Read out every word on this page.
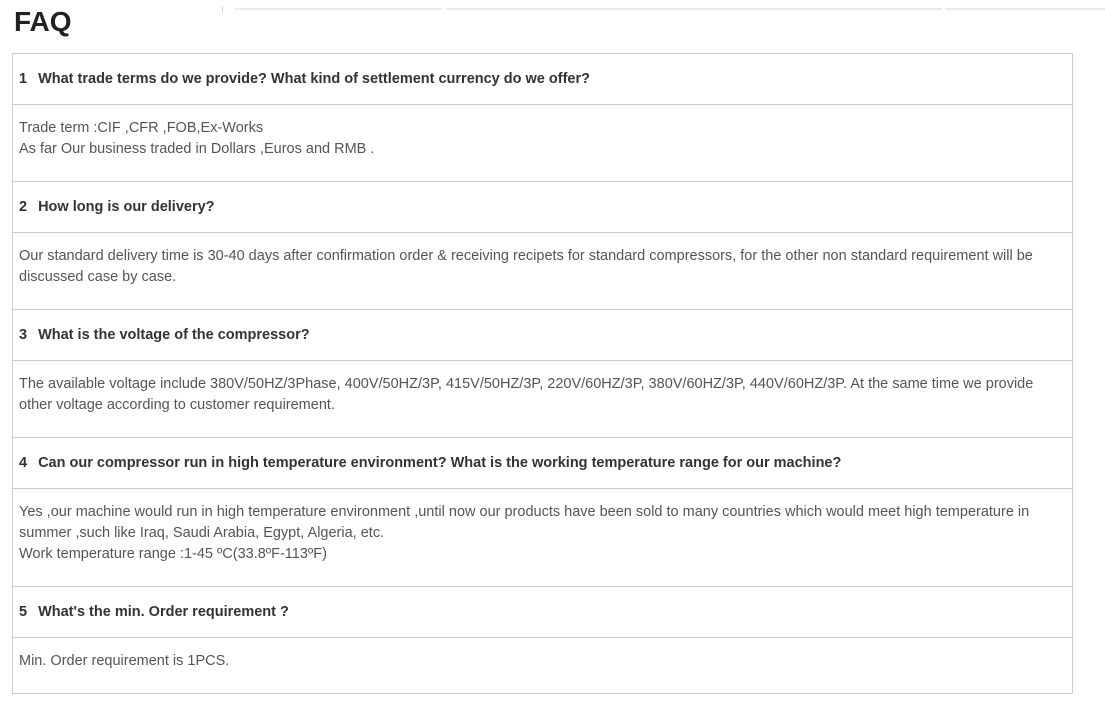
FAQ
1 What trade terms do we provide? What kind of settlement currency do we offer?

Trade term :CIF ,CFR ,FOB,Ex-Works

As far Our business traded in Dollars ,Euros and RMB .

2 How long is our delivery?

Our standard delivery time is 30-40 days after confirmation order & receiving recipets for standard compressors, for the other non standard requirement will be discussed case by case.

3 What is the voltage of the compressor?

The available voltage include 380V/50HZ/3Phase, 400V/50HZ/3P, 415V/50HZ/3P, 220V/60HZ/3P, 380V/60HZ/3P, 440V/60HZ/3P. At the same time we provide other voltage according to customer requirement.

4 Can our compressor run in high temperature environment? What is the working temperature range for our machine?

Yes ,our machine would run in high temperature environment ,until now our products have been sold to many countries which would meet high temperature in summer ,such like Iraq, Saudi Arabia, Egypt, Algeria, etc.

Work temperature range :1-45 ºC(33.8ºF-113ºF)

5 What's the min. Order requirement ?

Min. Order requirement is 1PCS.
